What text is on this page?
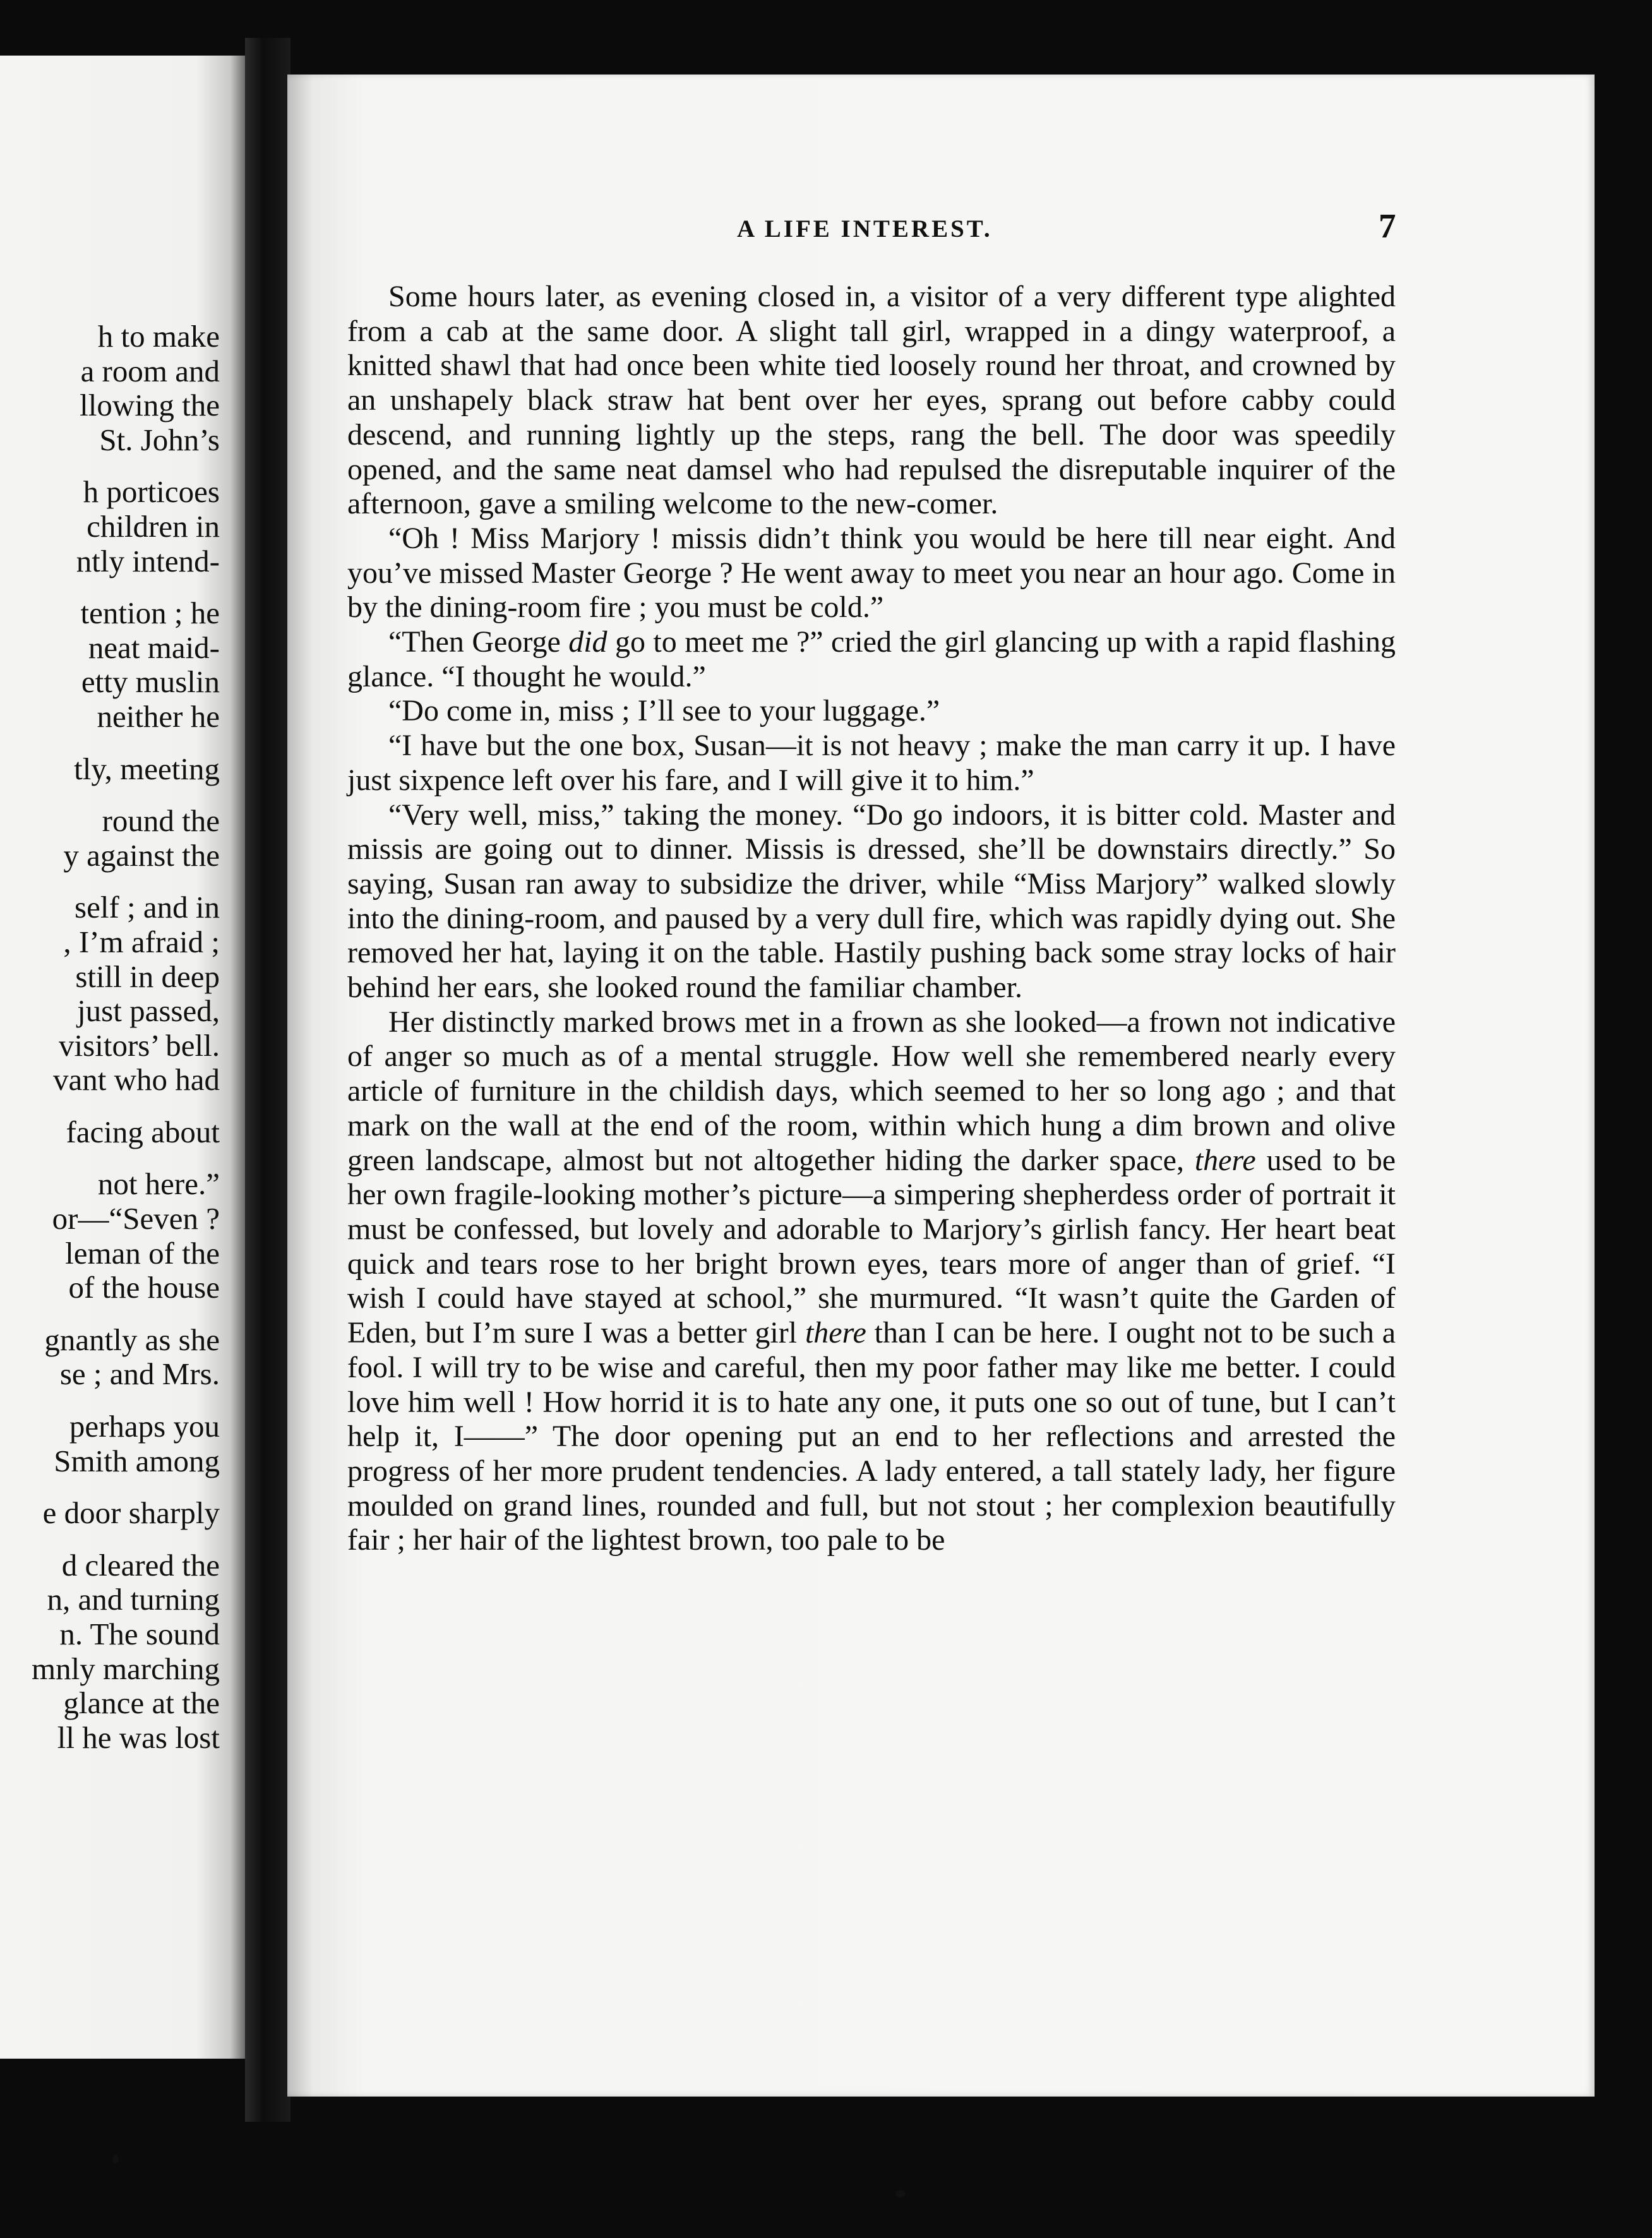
h to make
a room and
llowing the
St. John’s
h porticoes
children in
ntly intend-
tention ; he
neat maid-
etty muslin
neither he
tly, meeting
round the
y against the
self ; and in
, I’m afraid ;
still in deep
just passed,
visitors’ bell.
vant who had
facing about
not here.”
or—“Seven ?
leman of the
of the house
gnantly as she
se ; and Mrs.
perhaps you
Smith among
e door sharply
d cleared the
n, and turning
n. The sound
mnly marching
glance at the
ll he was lost
A LIFE INTEREST.	7

Some hours later, as evening closed in, a visitor of a very different type alighted from a cab at the same door. A slight tall girl, wrapped in a dingy waterproof, a knitted shawl that had once been white tied loosely round her throat, and crowned by an unshapely black straw hat bent over her eyes, sprang out before cabby could descend, and running lightly up the steps, rang the bell. The door was speedily opened, and the same neat damsel who had repulsed the disreputable inquirer of the afternoon, gave a smiling welcome to the new-comer.

“Oh ! Miss Marjory ! missis didn’t think you would be here till near eight. And you’ve missed Master George ? He went away to meet you near an hour ago. Come in by the dining-room fire ; you must be cold.”

“Then George did go to meet me ?” cried the girl glancing up with a rapid flashing glance. “I thought he would.”

“Do come in, miss ; I’ll see to your luggage.”

“I have but the one box, Susan—it is not heavy ; make the man carry it up. I have just sixpence left over his fare, and I will give it to him.”

“Very well, miss,” taking the money. “Do go indoors, it is bitter cold. Master and missis are going out to dinner. Missis is dressed, she’ll be downstairs directly.” So saying, Susan ran away to subsidize the driver, while “Miss Marjory” walked slowly into the dining-room, and paused by a very dull fire, which was rapidly dying out. She removed her hat, laying it on the table. Hastily pushing back some stray locks of hair behind her ears, she looked round the familiar chamber.

Her distinctly marked brows met in a frown as she looked—a frown not indicative of anger so much as of a mental struggle. How well she remembered nearly every article of furniture in the childish days, which seemed to her so long ago ; and that mark on the wall at the end of the room, within which hung a dim brown and olive green landscape, almost but not altogether hiding the darker space, there used to be her own fragile-looking mother’s picture—a simpering shepherdess order of portrait it must be confessed, but lovely and adorable to Marjory’s girlish fancy. Her heart beat quick and tears rose to her bright brown eyes, tears more of anger than of grief. “I wish I could have stayed at school,” she murmured. “It wasn’t quite the Garden of Eden, but I’m sure I was a better girl there than I can be here. I ought not to be such a fool. I will try to be wise and careful, then my poor father may like me better. I could love him well ! How horrid it is to hate any one, it puts one so out of tune, but I can’t help it, I——” The door opening put an end to her reflections and arrested the progress of her more prudent tendencies. A lady entered, a tall stately lady, her figure moulded on grand lines, rounded and full, but not stout ; her complexion beautifully fair ; her hair of the lightest brown, too pale to be
